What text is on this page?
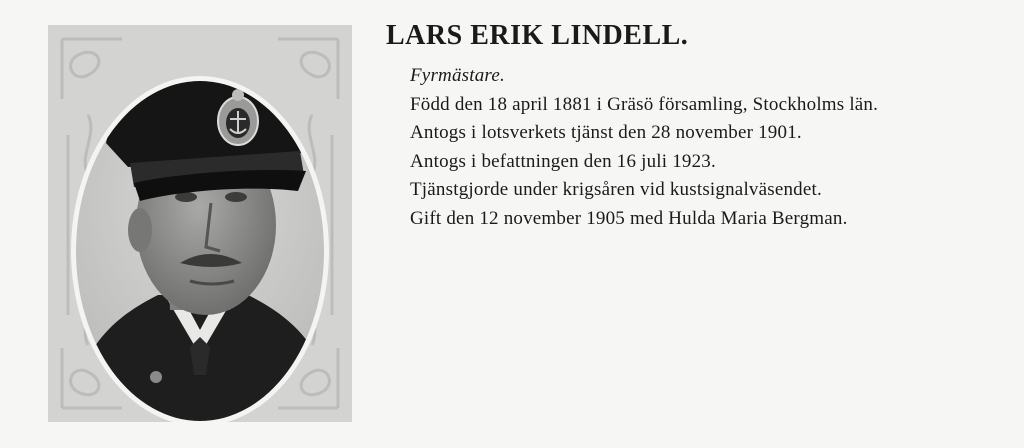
LARS ERIK LINDELL.
Fyrmästare.
Född den 18 april 1881 i Gräsö församling, Stockholms län.
Antogs i lotsverkets tjänst den 28 november 1901.
Antogs i befattningen den 16 juli 1923.
Tjänstgjorde under krigsåren vid kustsignalväsendet.
Gift den 12 november 1905 med Hulda Maria Bergman.
